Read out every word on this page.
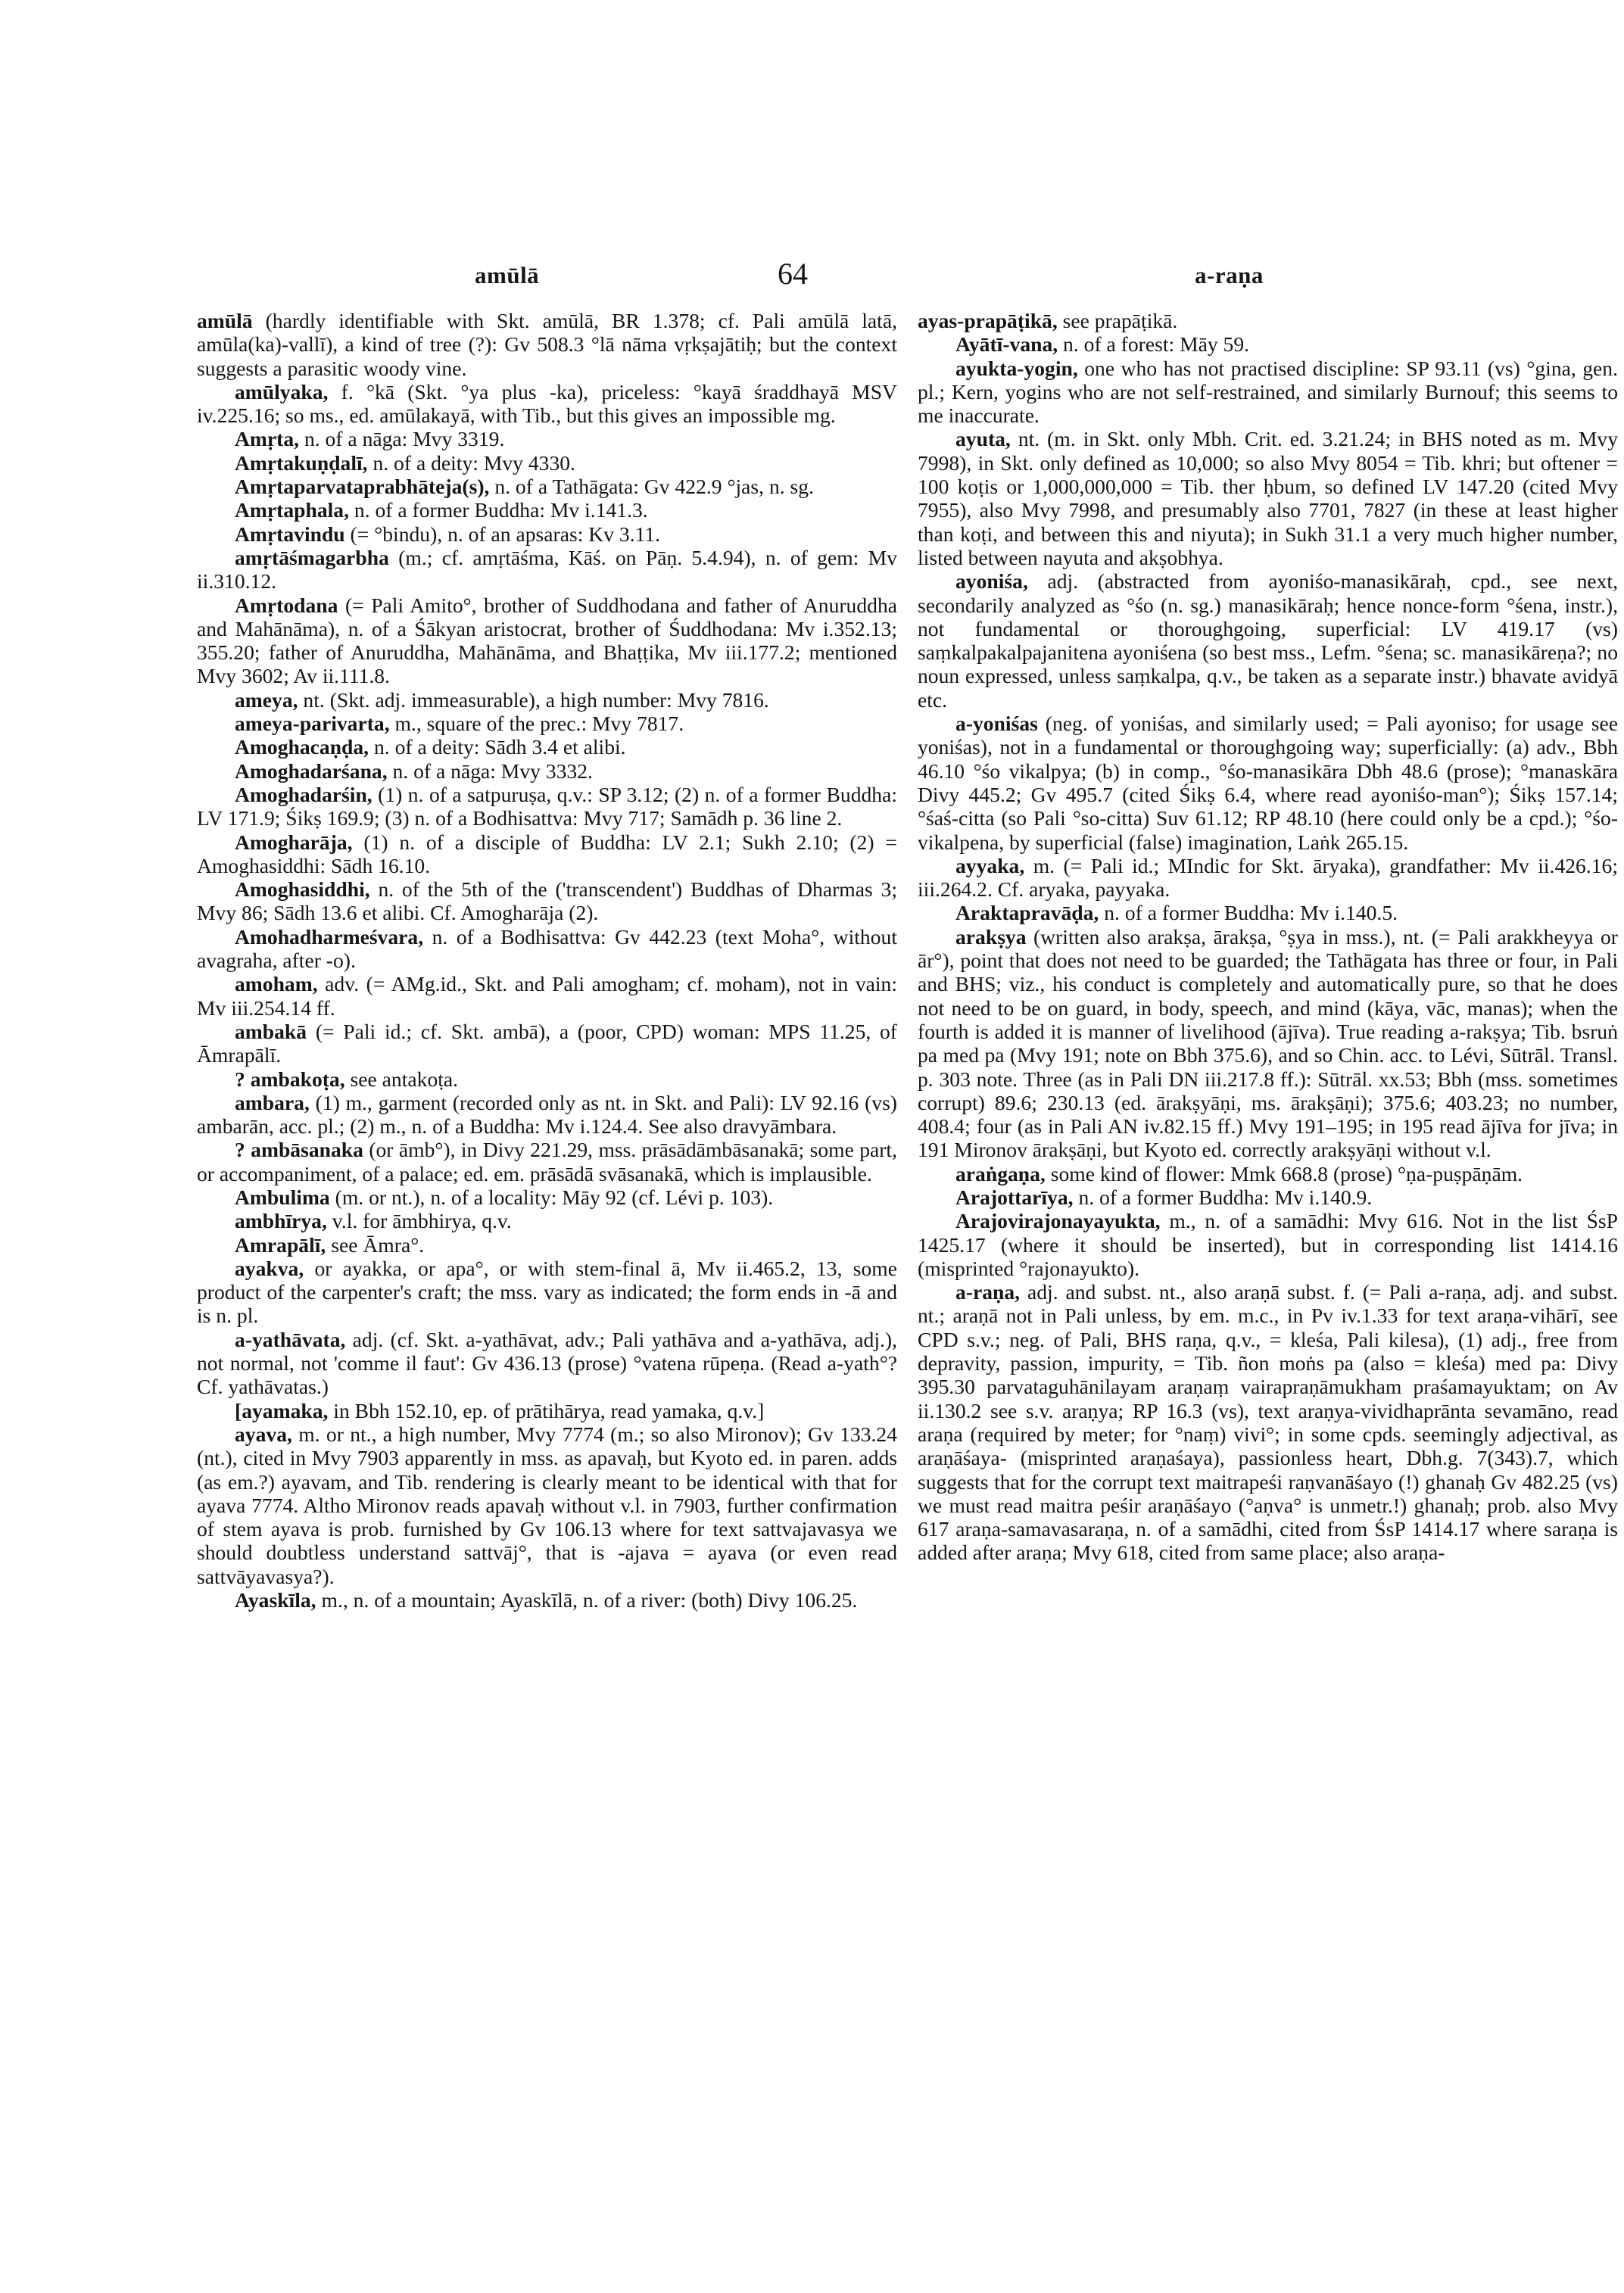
amūlā	64	a-raṇa

amūlā (hardly identifiable with Skt. amūlā, BR 1.378; cf. Pali amūlā latā, amūla(ka)-vallī), a kind of tree (?): Gv 508.3 °lā nāma vṛkṣajātiḥ; but the context suggests a parasitic woody vine.

amūlyaka, f. °kā (Skt. °ya plus -ka), priceless: °kayā śraddhayā MSV iv.225.16; so ms., ed. amūlakayā, with Tib., but this gives an impossible mg.

Amṛta, n. of a nāga: Mvy 3319.

Amṛtakuṇḍalī, n. of a deity: Mvy 4330.

Amṛtaparvataprabhāteja(s), n. of a Tathāgata: Gv 422.9 °jas, n. sg.

Amṛtaphala, n. of a former Buddha: Mv i.141.3.

Amṛtavindu (= °bindu), n. of an apsaras: Kv 3.11.

amṛtāśmagarbha (m.; cf. amṛtāśma, Kāś. on Pāṇ. 5.4.94), n. of gem: Mv ii.310.12.

Amṛtodana (= Pali Amito°, brother of Suddhodana and father of Anuruddha and Mahānāma), n. of a Śākyan aristocrat, brother of Śuddhodana: Mv i.352.13; 355.20; father of Anuruddha, Mahānāma, and Bhaṭṭika, Mv iii.177.2; mentioned Mvy 3602; Av ii.111.8.

ameya, nt. (Skt. adj. immeasurable), a high number: Mvy 7816.

ameya-parivarta, m., square of the prec.: Mvy 7817.

Amoghacaṇḍa, n. of a deity: Sādh 3.4 et alibi.

Amoghadarśana, n. of a nāga: Mvy 3332.

Amoghadarśin, (1) n. of a satpuruṣa, q.v.: SP 3.12; (2) n. of a former Buddha: LV 171.9; Śikṣ 169.9; (3) n. of a Bodhisattva: Mvy 717; Samādh p. 36 line 2.

Amogharāja, (1) n. of a disciple of Buddha: LV 2.1; Sukh 2.10; (2) = Amoghasiddhi: Sādh 16.10.

Amoghasiddhi, n. of the 5th of the ('transcendent') Buddhas of Dharmas 3; Mvy 86; Sādh 13.6 et alibi. Cf. Amogharāja (2).

Amohadharmeśvara, n. of a Bodhisattva: Gv 442.23 (text Moha°, without avagraha, after -o).

amoham, adv. (= AMg.id., Skt. and Pali amogham; cf. moham), not in vain: Mv iii.254.14 ff.

ambakā (= Pali id.; cf. Skt. ambā), a (poor, CPD) woman: MPS 11.25, of Āmrapālī.

? ambakoṭa, see antakoṭa.

ambara, (1) m., garment (recorded only as nt. in Skt. and Pali): LV 92.16 (vs) ambarān, acc. pl.; (2) m., n. of a Buddha: Mv i.124.4. See also dravyāmbara.

? ambāsanaka (or āmb°), in Divy 221.29, mss. prāsādāmbāsanakā; some part, or accompaniment, of a palace; ed. em. prāsādā svāsanakā, which is implausible.

Ambulima (m. or nt.), n. of a locality: Māy 92 (cf. Lévi p. 103).

ambhīrya, v.l. for āmbhirya, q.v.

Amrapālī, see Āmra°.

ayakva, or ayakka, or apa°, or with stem-final ā, Mv ii.465.2, 13, some product of the carpenter's craft; the mss. vary as indicated; the form ends in -ā and is n. pl.

a-yathāvata, adj. (cf. Skt. a-yathāvat, adv.; Pali yathāva and a-yathāva, adj.), not normal, not 'comme il faut': Gv 436.13 (prose) °vatena rūpeṇa. (Read a-yath°? Cf. yathāvatas.)

[ayamaka, in Bbh 152.10, ep. of prātihārya, read yamaka, q.v.]

ayava, m. or nt., a high number, Mvy 7774 (m.; so also Mironov); Gv 133.24 (nt.), cited in Mvy 7903 apparently in mss. as apavaḥ, but Kyoto ed. in paren. adds (as em.?) ayavam, and Tib. rendering is clearly meant to be identical with that for ayava 7774. Altho Mironov reads apavaḥ without v.l. in 7903, further confirmation of stem ayava is prob. furnished by Gv 106.13 where for text sattvajavasya we should doubtless understand sattvāj°, that is -ajava = ayava (or even read sattvāyavasya?).

Ayaskīla, m., n. of a mountain; Ayaskīlā, n. of a river: (both) Divy 106.25.

ayas-prapāṭikā, see prapāṭikā.

Ayātī-vana, n. of a forest: Māy 59.

ayukta-yogin, one who has not practised discipline: SP 93.11 (vs) °gina, gen. pl.; Kern, yogins who are not self-restrained, and similarly Burnouf; this seems to me inaccurate.

ayuta, nt. (m. in Skt. only Mbh. Crit. ed. 3.21.24; in BHS noted as m. Mvy 7998), in Skt. only defined as 10,000; so also Mvy 8054 = Tib. khri; but oftener = 100 koṭis or 1,000,000,000 = Tib. ther ḥbum, so defined LV 147.20 (cited Mvy 7955), also Mvy 7998, and presumably also 7701, 7827 (in these at least higher than koṭi, and between this and niyuta); in Sukh 31.1 a very much higher number, listed between nayuta and akṣobhya.

ayoniśa, adj. (abstracted from ayoniśo-manasikāraḥ, cpd., see next, secondarily analyzed as °śo (n. sg.) manasikāraḥ; hence nonce-form °śena, instr.), not fundamental or thoroughgoing, superficial: LV 419.17 (vs) saṃkalpakalpajanitena ayoniśena (so best mss., Lefm. °śena; sc. manasikāreṇa?; no noun expressed, unless saṃkalpa, q.v., be taken as a separate instr.) bhavate avidyā etc.

a-yoniśas (neg. of yoniśas, and similarly used; = Pali ayoniso; for usage see yoniśas), not in a fundamental or thoroughgoing way; superficially: (a) adv., Bbh 46.10 °śo vikalpya; (b) in comp., °śo-manasikāra Dbh 48.6 (prose); °manaskāra Divy 445.2; Gv 495.7 (cited Śikṣ 6.4, where read ayoniśo-man°); Śikṣ 157.14; °śaś-citta (so Pali °so-citta) Suv 61.12; RP 48.10 (here could only be a cpd.); °śo-vikalpena, by superficial (false) imagination, Laṅk 265.15.

ayyaka, m. (= Pali id.; MIndic for Skt. āryaka), grandfather: Mv ii.426.16; iii.264.2. Cf. aryaka, payyaka.

Araktapravāḍa, n. of a former Buddha: Mv i.140.5.

arakṣya (written also arakṣa, ārakṣa, °ṣya in mss.), nt. (= Pali arakkheyya or ār°), point that does not need to be guarded; the Tathāgata has three or four, in Pali and BHS; viz., his conduct is completely and automatically pure, so that he does not need to be on guard, in body, speech, and mind (kāya, vāc, manas); when the fourth is added it is manner of livelihood (ājīva). True reading a-rakṣya; Tib. bsruṅ pa med pa (Mvy 191; note on Bbh 375.6), and so Chin. acc. to Lévi, Sūtrāl. Transl. p. 303 note. Three (as in Pali DN iii.217.8 ff.): Sūtrāl. xx.53; Bbh (mss. sometimes corrupt) 89.6; 230.13 (ed. ārakṣyāṇi, ms. ārakṣāṇi); 375.6; 403.23; no number, 408.4; four (as in Pali AN iv.82.15 ff.) Mvy 191–195; in 195 read ājīva for jīva; in 191 Mironov ārakṣāṇi, but Kyoto ed. correctly arakṣyāṇi without v.l.

araṅgaṇa, some kind of flower: Mmk 668.8 (prose) °ṇa-puṣpāṇām.

Arajottarīya, n. of a former Buddha: Mv i.140.9.

Arajovirajonayayukta, m., n. of a samādhi: Mvy 616. Not in the list ŚsP 1425.17 (where it should be inserted), but in corresponding list 1414.16 (misprinted °rajonayukto).

a-raṇa, adj. and subst. nt., also araṇā subst. f. (= Pali a-raṇa, adj. and subst. nt.; araṇā not in Pali unless, by em. m.c., in Pv iv.1.33 for text araṇa-vihārī, see CPD s.v.; neg. of Pali, BHS raṇa, q.v., = kleśa, Pali kilesa), (1) adj., free from depravity, passion, impurity, = Tib. ñon moṅs pa (also = kleśa) med pa: Divy 395.30 parvataguhānilayam araṇaṃ vairapraṇāmukham praśamayuktam; on Av ii.130.2 see s.v. araṇya; RP 16.3 (vs), text araṇya-vividhaprānta sevamāno, read araṇa (required by meter; for °naṃ) vivi°; in some cpds. seemingly adjectival, as araṇāśaya- (misprinted araṇaśaya), passionless heart, Dbh.g. 7(343).7, which suggests that for the corrupt text maitrapeśi raṇvanāśayo (!) ghanaḥ Gv 482.25 (vs) we must read maitra peśir araṇāśayo (°aṇva° is unmetr.!) ghanaḥ; prob. also Mvy 617 araṇa-samavasaraṇa, n. of a samādhi, cited from ŚsP 1414.17 where saraṇa is added after araṇa; Mvy 618, cited from same place; also araṇa-
